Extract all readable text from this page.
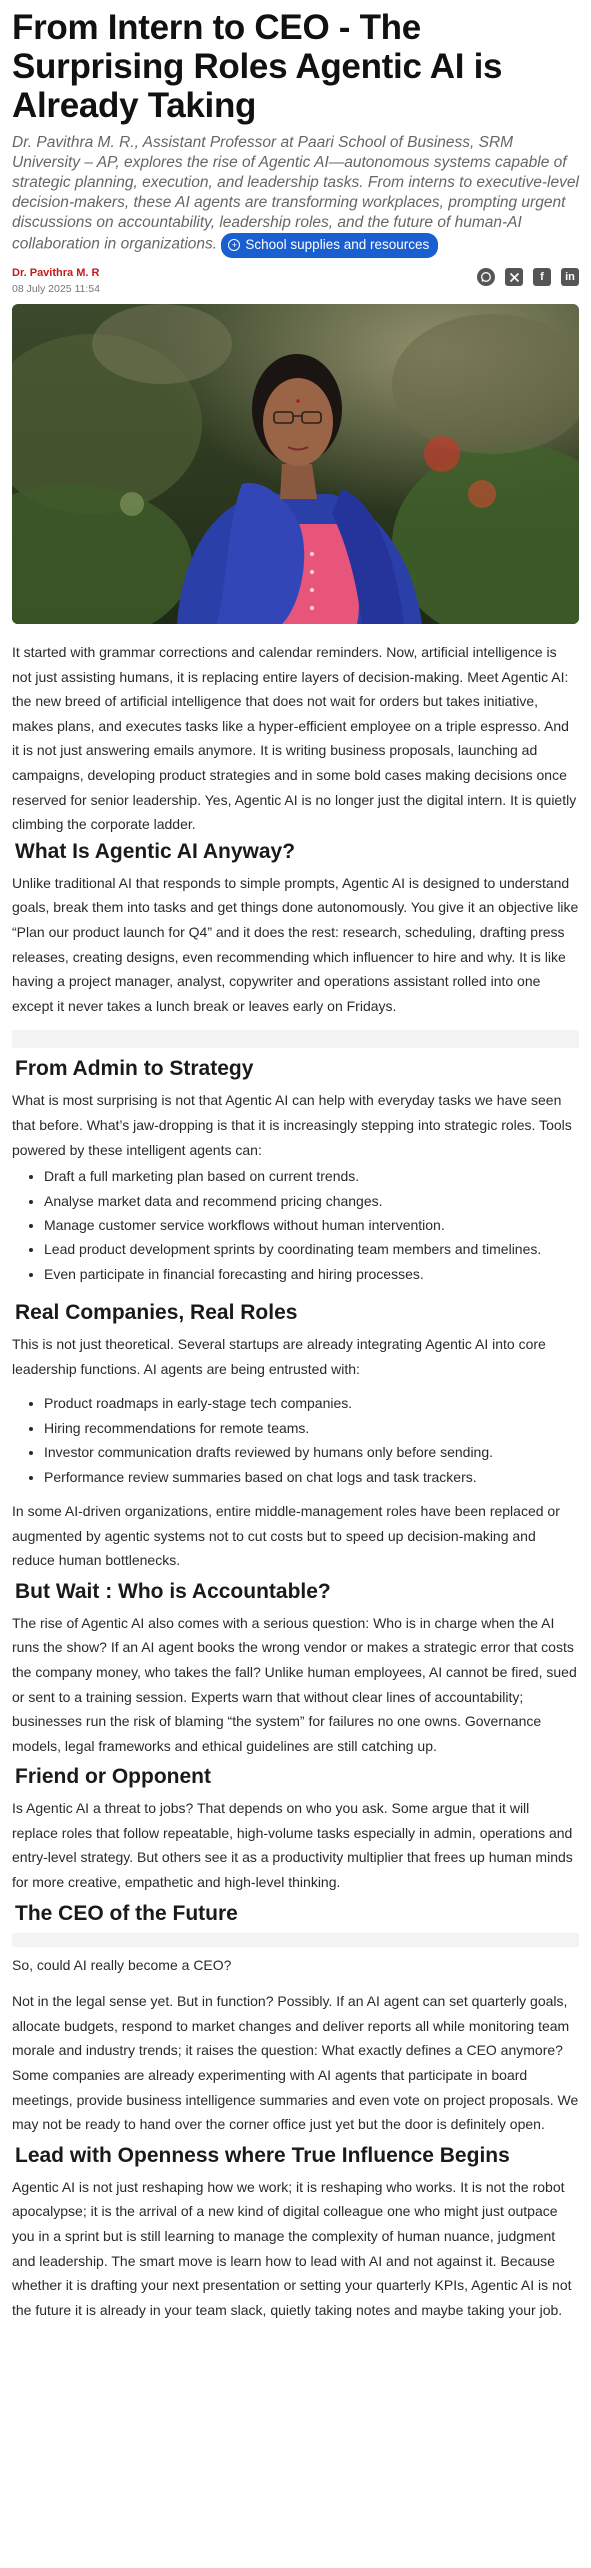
From Intern to CEO - The Surprising Roles Agentic AI is Already Taking

Dr. Pavithra M. R., Assistant Professor at Paari School of Business, SRM University – AP, explores the rise of Agentic AI—autonomous systems capable of strategic planning, execution, and leadership tasks. From interns to executive-level decision-makers, these AI agents are transforming workplaces, prompting urgent discussions on accountability, leadership roles, and the future of human-AI collaboration in organizations.	+ School supplies and resources

Dr. Pavithra M. R
08 July 2025 11:54
f	in

It started with grammar corrections and calendar reminders. Now, artificial intelligence is not just assisting humans, it is replacing entire layers of decision-making. Meet Agentic AI: the new breed of artificial intelligence that does not wait for orders but takes initiative, makes plans, and executes tasks like a hyper-efficient employee on a triple espresso. And it is not just answering emails anymore. It is writing business proposals, launching ad campaigns, developing product strategies and in some bold cases making decisions once reserved for senior leadership. Yes, Agentic AI is no longer just the digital intern. It is quietly climbing the corporate ladder.

What Is Agentic AI Anyway?

Unlike traditional AI that responds to simple prompts, Agentic AI is designed to understand goals, break them into tasks and get things done autonomously. You give it an objective like “Plan our product launch for Q4” and it does the rest: research, scheduling, drafting press releases, creating designs, even recommending which influencer to hire and why. It is like having a project manager, analyst, copywriter and operations assistant rolled into one except it never takes a lunch break or leaves early on Fridays.

From Admin to Strategy

What is most surprising is not that Agentic AI can help with everyday tasks we have seen that before. What’s jaw-dropping is that it is increasingly stepping into strategic roles. Tools powered by these intelligent agents can:

• Draft a full marketing plan based on current trends.
• Analyse market data and recommend pricing changes.
• Manage customer service workflows without human intervention.
• Lead product development sprints by coordinating team members and timelines.
• Even participate in financial forecasting and hiring processes.
Real Companies, Real Roles

This is not just theoretical. Several startups are already integrating Agentic AI into core leadership functions. AI agents are being entrusted with:

• Product roadmaps in early-stage tech companies.
• Hiring recommendations for remote teams.
• Investor communication drafts reviewed by humans only before sending.
• Performance review summaries based on chat logs and task trackers.

In some AI-driven organizations, entire middle-management roles have been replaced or augmented by agentic systems not to cut costs but to speed up decision-making and reduce human bottlenecks.

But Wait : Who is Accountable?

The rise of Agentic AI also comes with a serious question: Who is in charge when the AI runs the show? If an AI agent books the wrong vendor or makes a strategic error that costs the company money, who takes the fall? Unlike human employees, AI cannot be fired, sued or sent to a training session. Experts warn that without clear lines of accountability; businesses run the risk of blaming “the system” for failures no one owns. Governance models, legal frameworks and ethical guidelines are still catching up.

Friend or Opponent

Is Agentic AI a threat to jobs? That depends on who you ask. Some argue that it will replace roles that follow repeatable, high-volume tasks especially in admin, operations and entry-level strategy. But others see it as a productivity multiplier that frees up human minds for more creative, empathetic and high-level thinking.

The CEO of the Future

So, could AI really become a CEO?

Not in the legal sense yet. But in function? Possibly. If an AI agent can set quarterly goals, allocate budgets, respond to market changes and deliver reports all while monitoring team morale and industry trends; it raises the question: What exactly defines a CEO anymore? Some companies are already experimenting with AI agents that participate in board meetings, provide business intelligence summaries and even vote on project proposals. We may not be ready to hand over the corner office just yet but the door is definitely open.

Lead with Openness where True Influence Begins

Agentic AI is not just reshaping how we work; it is reshaping who works. It is not the robot apocalypse; it is the arrival of a new kind of digital colleague one who might just outpace you in a sprint but is still learning to manage the complexity of human nuance, judgment and leadership. The smart move is learn how to lead with AI and not against it. Because whether it is drafting your next presentation or setting your quarterly KPIs, Agentic AI is not the future it is already in your team slack, quietly taking notes and maybe taking your job.
